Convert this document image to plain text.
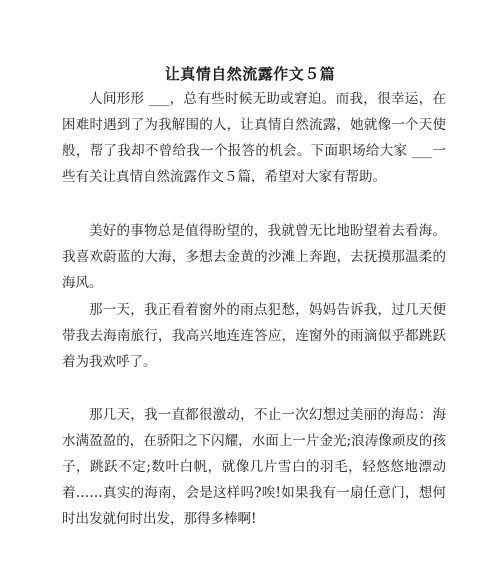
让真情自然流露作文５篇

人间形形 ___，总有些时候无助或窘迫。而我，很幸运，在困难时遇到了为我解围的人，让真情自然流露，她就像一个天使般，帮了我却不曾给我一个报答的机会。下面职场给大家 ___一些有关让真情自然流露作文５篇，希望对大家有帮助。

美好的事物总是值得盼望的，我就曾无比地盼望着去看海。我喜欢蔚蓝的大海，多想去金黄的沙滩上奔跑，去抚摸那温柔的海风。

那一天，我正看着窗外的雨点犯愁，妈妈告诉我，过几天便带我去海南旅行，我高兴地连连答应，连窗外的雨滴似乎都跳跃着为我欢呼了。

那几天，我一直都很激动，不止一次幻想过美丽的海岛：海水满盈盈的，在骄阳之下闪耀，水面上一片金光;浪涛像顽皮的孩子，跳跃不定;数叶白帆，就像几片雪白的羽毛，轻悠悠地漂动着……真实的海南，会是这样吗?唉!如果我有一扇任意门，想何时出发就何时出发，那得多棒啊!
